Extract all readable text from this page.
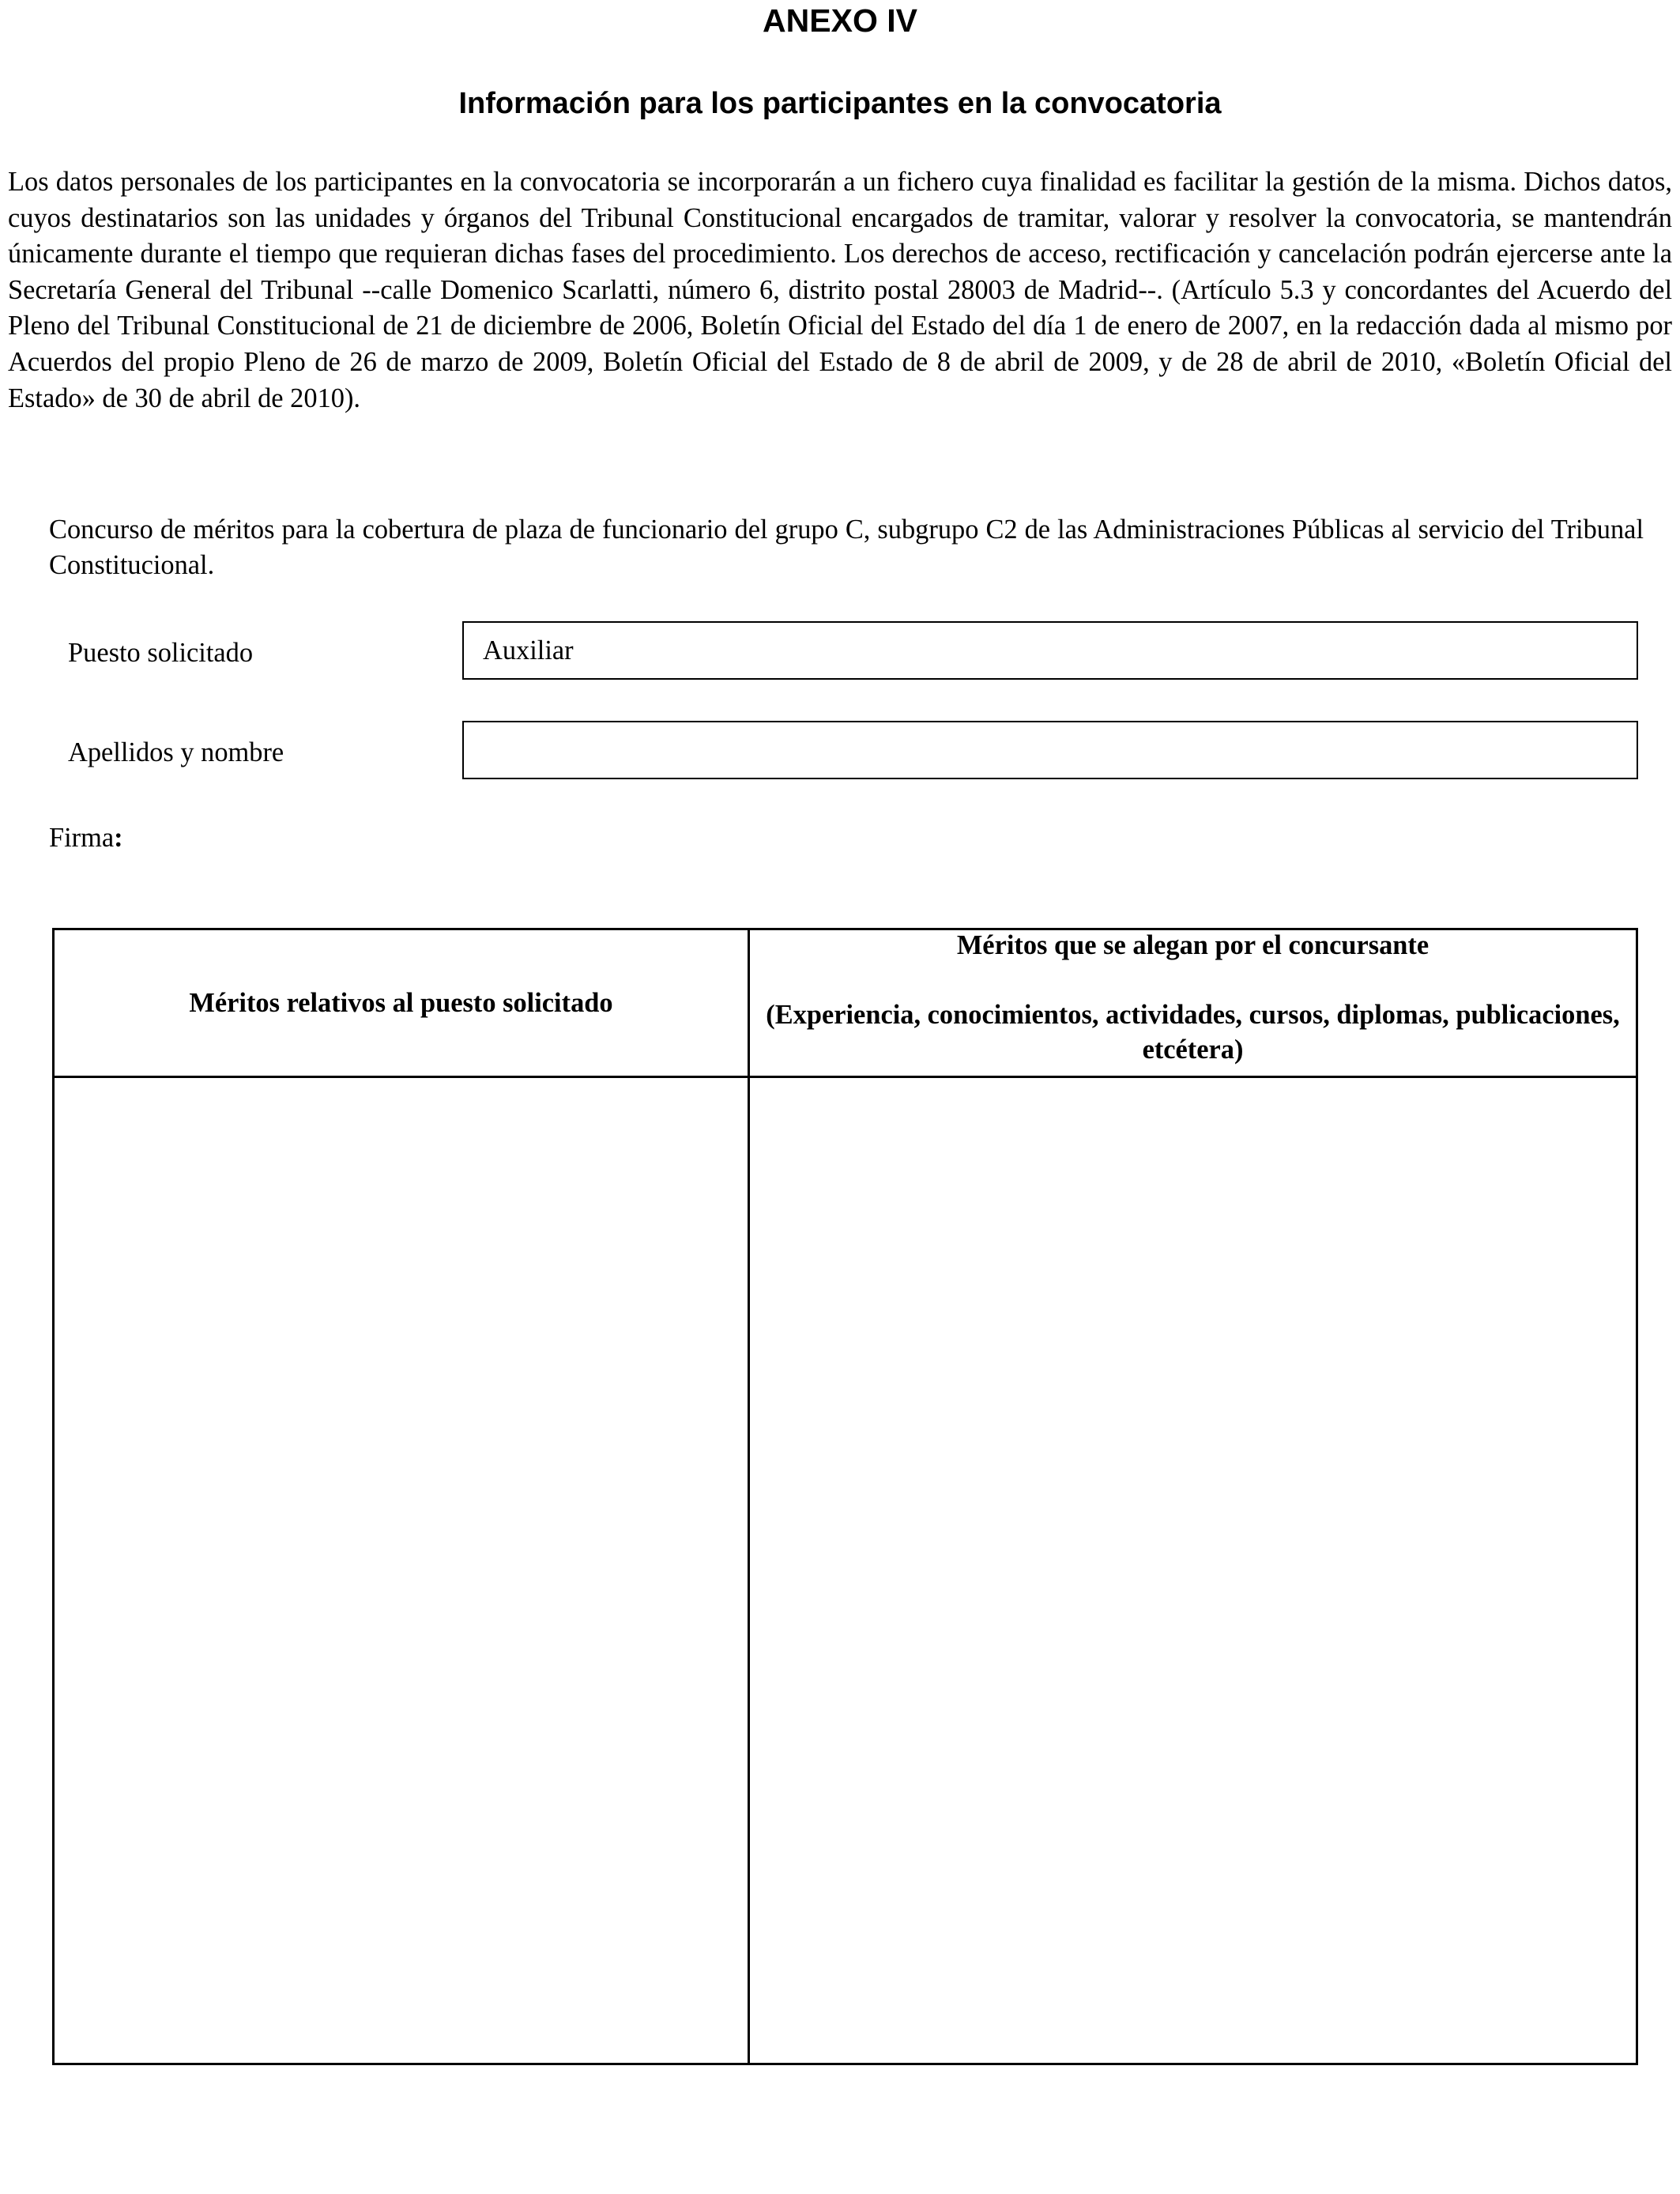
ANEXO IV
Información para los participantes en la convocatoria

Los datos personales de los participantes en la convocatoria se incorporarán a un fichero cuya finalidad es facilitar la gestión de la misma. Dichos datos, cuyos destinatarios son las unidades y órganos del Tribunal Constitucional encargados de tramitar, valorar y resolver la convocatoria, se mantendrán únicamente durante el tiempo que requieran dichas fases del procedimiento. Los derechos de acceso, rectificación y cancelación podrán ejercerse ante la Secretaría General del Tribunal --calle Domenico Scarlatti, número 6, distrito postal 28003 de Madrid--. (Artículo 5.3 y concordantes del Acuerdo del Pleno del Tribunal Constitucional de 21 de diciembre de 2006, Boletín Oficial del Estado del día 1 de enero de 2007, en la redacción dada al mismo por Acuerdos del propio Pleno de 26 de marzo de 2009, Boletín Oficial del Estado de 8 de abril de 2009, y de 28 de abril de 2010, «Boletín Oficial del Estado» de 30 de abril de 2010).

Concurso de méritos para la cobertura de plaza de funcionario del grupo C, subgrupo C2 de las Administraciones Públicas al servicio del Tribunal Constitucional.

Puesto solicitado	Auxiliar
Apellidos y nombre
Firma:
Méritos relativos al puesto solicitado	Méritos que se alegan por el concursante
(Experiencia, conocimientos, actividades, cursos, diplomas, publicaciones, etcétera)
